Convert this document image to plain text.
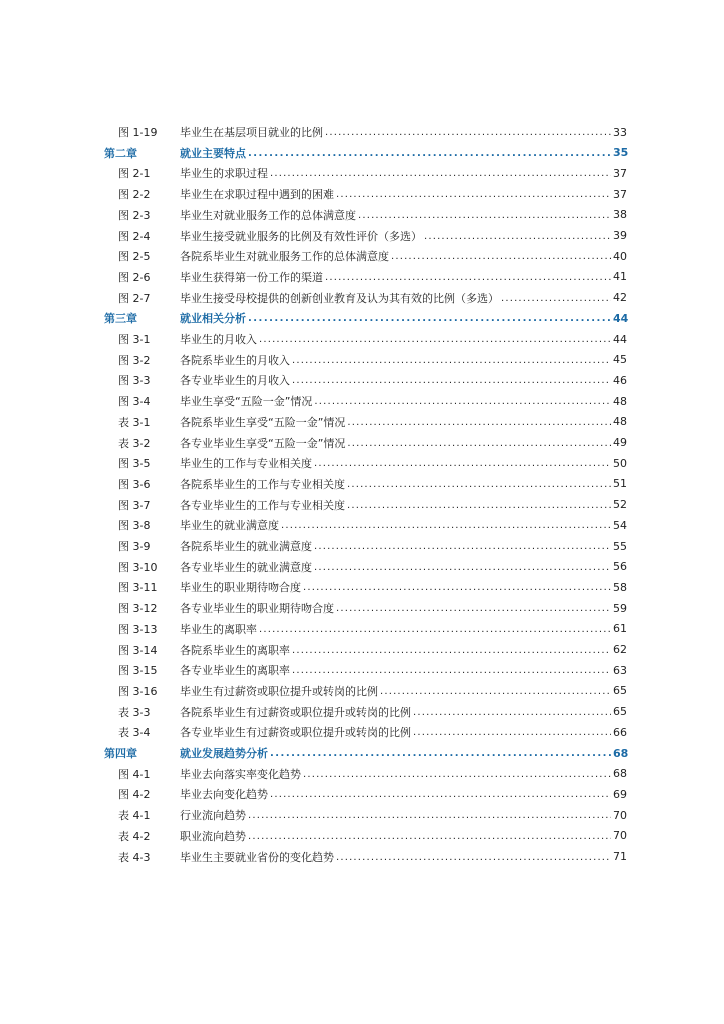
图 1-19	毕业生在基层项目就业的比例 . . .	33
第二章	就业主要特点 . . .	35
图 2-1	毕业生的求职过程 . . .	37
图 2-2	毕业生在求职过程中遇到的困难 . . .	37
图 2-3	毕业生对就业服务工作的总体满意度 . . .	38
图 2-4	毕业生接受就业服务的比例及有效性评价（多选） . . .	39
图 2-5	各院系毕业生对就业服务工作的总体满意度 . . .	40
图 2-6	毕业生获得第一份工作的渠道 . . .	41
图 2-7	毕业生接受母校提供的创新创业教育及认为其有效的比例（多选） . . .	42
第三章	就业相关分析 . . .	44
图 3-1	毕业生的月收入 . . .	44
图 3-2	各院系毕业生的月收入 . . .	45
图 3-3	各专业毕业生的月收入 . . .	46
图 3-4	毕业生享受“五险一金”情况 . . .	48
表 3-1	各院系毕业生享受“五险一金”情况 . . .	48
表 3-2	各专业毕业生享受“五险一金”情况 . . .	49
图 3-5	毕业生的工作与专业相关度 . . .	50
图 3-6	各院系毕业生的工作与专业相关度 . . .	51
图 3-7	各专业毕业生的工作与专业相关度 . . .	52
图 3-8	毕业生的就业满意度 . . .	54
图 3-9	各院系毕业生的就业满意度 . . .	55
图 3-10	各专业毕业生的就业满意度 . . .	56
图 3-11	毕业生的职业期待吻合度 . . .	58
图 3-12	各专业毕业生的职业期待吻合度 . . .	59
图 3-13	毕业生的离职率 . . .	61
图 3-14	各院系毕业生的离职率 . . .	62
图 3-15	各专业毕业生的离职率 . . .	63
图 3-16	毕业生有过薪资或职位提升或转岗的比例 . . .	65
表 3-3	各院系毕业生有过薪资或职位提升或转岗的比例 . . .	65
表 3-4	各专业毕业生有过薪资或职位提升或转岗的比例 . . .	66
第四章	就业发展趋势分析 . . .	68
图 4-1	毕业去向落实率变化趋势 . . .	68
图 4-2	毕业去向变化趋势 . . .	69
表 4-1	行业流向趋势 . . .	70
表 4-2	职业流向趋势 . . .	70
表 4-3	毕业生主要就业省份的变化趋势 . . .	71
